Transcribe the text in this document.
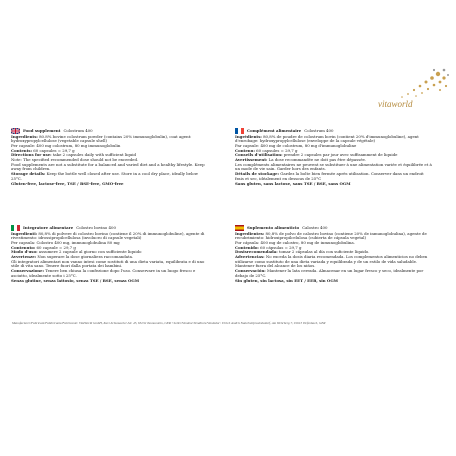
vitaworld
Food supplement Colostrum 400
Ingredients: 80.8% bovine colostrum powder (contains 20% immunoglobulin), coat agent: hydroxypropylcellulose (vegetable capsule shell)
Per capsule: 400 mg colostrum, 80 mg immunoglobulin
Contents: 60 capsules = 29,7 g
Directions for use: take 2 capsules daily with sufficient liquid
Note: The specified recommended dose should not be exceeded.
Food supplements are not a substitute for a balanced and varied diet and a healthy lifestyle. Keep away from children.
Storage details: Keep the bottle well closed after use. Store in a cool dry place, ideally below 25°C.
Gluten-free, lactose-free, TSE / BSE-free, GMO-free
Complément alimentaire Colostrum 400
Ingrédients: 80,8% de poudre de colostrum bovin (contient 20% d'immunoglobuline), agent d'enrobage: hydroxypropylcellulose (enveloppe de la capsule végétale)
Par capsule: 400 mg de colostrum, 80 mg d'immunoglobuline
Contenu: 60 capsules = 29,7 g
Conseils d'utilisation: prendre 2 capsules par jour avec suffisamment de liquide
Avertissement: La dose recommandée ne doit pas être dépassée.
Les compléments alimentaires ne peuvent se substituer à une alimentation variée et équilibrée et à un mode de vie sain. Garder hors des enfants.
Détails de stockage: Gardez la bolte bien fermée après utilisation. Conserver dans un endroit frais et sec, idéalement en dessous de 25°C
Sans gluten, sans lactose, sans TSE / BSE, sans OGM
Integratore alimentare Colostro bovino 400
Ingredienti: 80,8% di polvere di colostro bovino (contiene il 20% di immunoglobuline), agente di rivestimento: idrossipropilcellulosa (involucro di capsule vegetali)
Per capsula: Colostro 400 mg, immunoglobulina 80 mg
Contenuto: 60 capsule = 29,7 g
Modo d'uso: assumere 2 capsule al giorno con sufficiente liquido
Avvertenze: Non superare la dose giornaliera raccomandata.
Gli integratori alimentari non vanno intesi come sostituti di una dieta variata, equilibrata e di uno stile di vita sano. Tenere fuori dalla portata dei bambini.
Conservazione: Tenere ben chiusa la confezione dopo l'uso. Conservare in un luogo fresco e asciutto, idealmente sotto i 25°C.
Senza glutine, senza lattosio, senza TSE / BSE, senza OGM
Suplemento alimenticio Calostro 400
Ingredientes: 80,8% de polvo de calostro bovino (contiene 20% de inmunoglobulina), agente de recubrimiento: hidroxipropilcelulosa (cubierta de cápsula vegetal)
Por cápsula: 400 mg de calostro, 80 mg de inmunoglobulina.
Contenido: 60 cápsulas = 29,7 g
Dosisrecomendada: tomar 2 cápsulas al día con suficiente líquido.
Advertencias: No exceda la dosis diaria recomendada. Los complementos alimenticios no deben utilizarse como sustituto de una dieta variada y equilibrada y de un estilo de vida saludable. Mantener fuera del alcance de los niños.
Conservación: Mantener la lata cerrada. Almacenar en un lugar fresco y seco, idealmente por debajo de 25°C.
Sin gluten, sin lactosa, sin EET / EEB, sin OGM
Manufacturer/Fabricant/Fabbricante/Fabricante: VitaWorld GmbH, Kurt-Schumacher-Str. 45, 65232 Taunusstein, GER • Seller/Vendeur/Venditore/Vendedor: Ulrich Andris Naturheilpraxisbedarf, Am Wehrberg 7, 91613 Tiefenbach, GER
